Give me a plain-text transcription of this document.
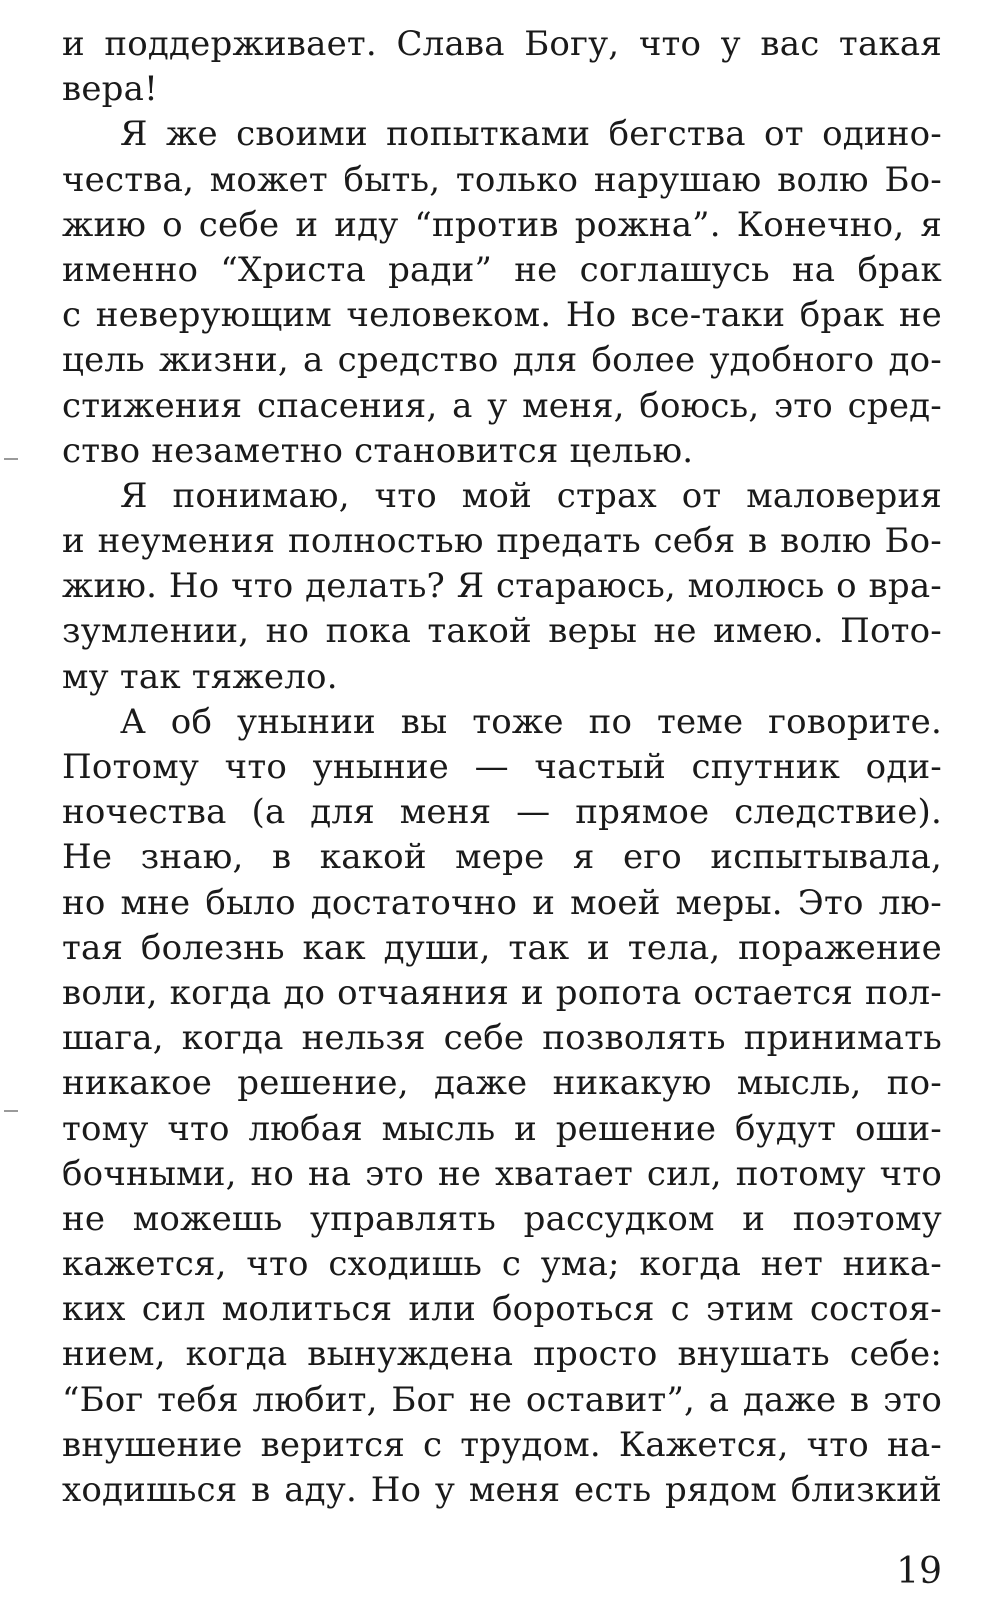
и поддерживает. Слава Богу, что у вас такая
вера!
Я же своими попытками бегства от одино-
чества, может быть, только нарушаю волю Бо-
жию о себе и иду “против рожна”. Конечно, я
именно “Христа ради” не соглашусь на брак
с неверующим человеком. Но все-таки брак не
цель жизни, а средство для более удобного до-
стижения спасения, а у меня, боюсь, это сред-
ство незаметно становится целью.
Я понимаю, что мой страх от маловерия
и неумения полностью предать себя в волю Бо-
жию. Но что делать? Я стараюсь, молюсь о вра-
зумлении, но пока такой веры не имею. Пото-
му так тяжело.
А об унынии вы тоже по теме говорите.
Потому что уныние — частый спутник оди-
ночества (а для меня — прямое следствие).
Не знаю, в какой мере я его испытывала,
но мне было достаточно и моей меры. Это лю-
тая болезнь как души, так и тела, поражение
воли, когда до отчаяния и ропота остается пол-
шага, когда нельзя себе позволять принимать
никакое решение, даже никакую мысль, по-
тому что любая мысль и решение будут оши-
бочными, но на это не хватает сил, потому что
не можешь управлять рассудком и поэтому
кажется, что сходишь с ума; когда нет ника-
ких сил молиться или бороться с этим состоя-
нием, когда вынуждена просто внушать себе:
“Бог тебя любит, Бог не оставит”, а даже в это
внушение верится с трудом. Кажется, что на-
ходишься в аду. Но у меня есть рядом близкий
19
